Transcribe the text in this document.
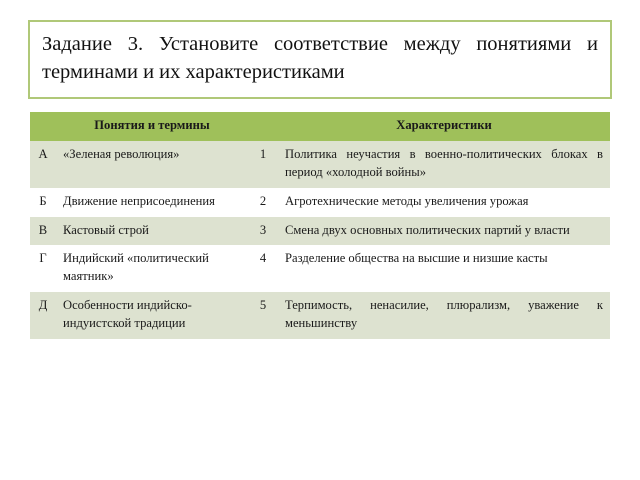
Задание 3. Установите соответствие между понятиями и терминами и их характеристиками

	Понятия и термины		Характеристики
А	«Зеленая революция»	1	Политика неучастия в военно-политических блоках в период «холодной войны»
Б	Движение неприсоединения	2	Агротехнические методы увеличения урожая
В	Кастовый строй	3	Смена двух основных политических партий у власти
Г	Индийский «политический маятник»	4	Разделение общества на высшие и низшие касты
Д	Особенности индийско-индуистской традиции	5	Терпимость, ненасилие, плюрализм, уважение к меньшинству
